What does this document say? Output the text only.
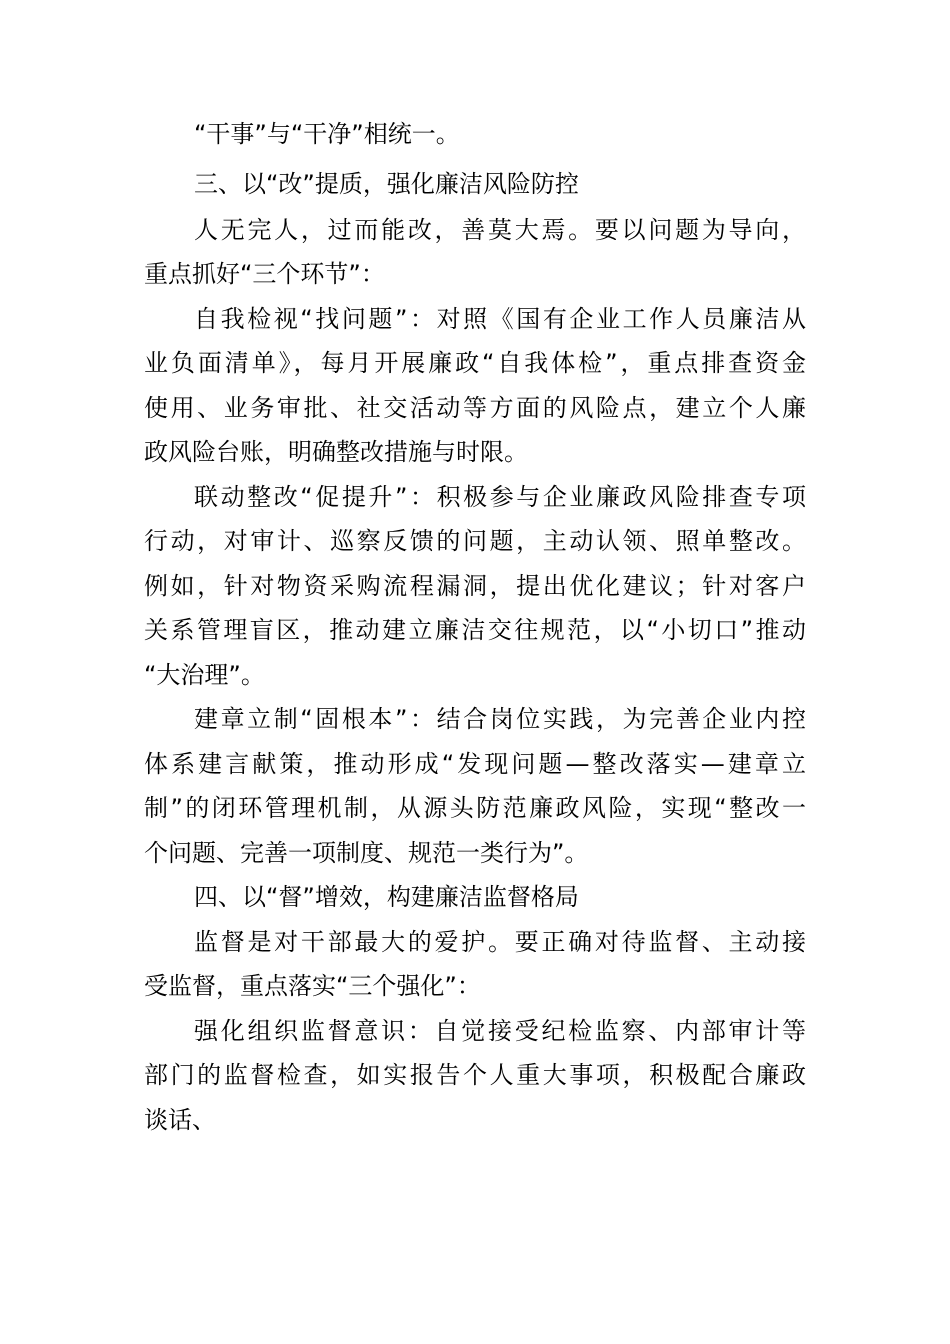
“干事”与“干净”相统一。
三、以“改”提质，强化廉洁风险防控
人无完人，过而能改，善莫大焉。要以问题为导向，
重点抓好“三个环节”：
自我检视“找问题”：对照《国有企业工作人员廉洁从
业负面清单》，每月开展廉政“自我体检”，重点排查资金
使用、业务审批、社交活动等方面的风险点，建立个人廉
政风险台账，明确整改措施与时限。
联动整改“促提升”：积极参与企业廉政风险排查专项
行动，对审计、巡察反馈的问题，主动认领、照单整改。
例如，针对物资采购流程漏洞，提出优化建议；针对客户
关系管理盲区，推动建立廉洁交往规范，以“小切口”推动
“大治理”。
建章立制“固根本”：结合岗位实践，为完善企业内控
体系建言献策，推动形成“发现问题—整改落实—建章立
制”的闭环管理机制，从源头防范廉政风险，实现“整改一
个问题、完善一项制度、规范一类行为”。
四、以“督”增效，构建廉洁监督格局
监督是对干部最大的爱护。要正确对待监督、主动接
受监督，重点落实“三个强化”：
强化组织监督意识：自觉接受纪检监察、内部审计等
部门的监督检查，如实报告个人重大事项，积极配合廉政
谈话、
